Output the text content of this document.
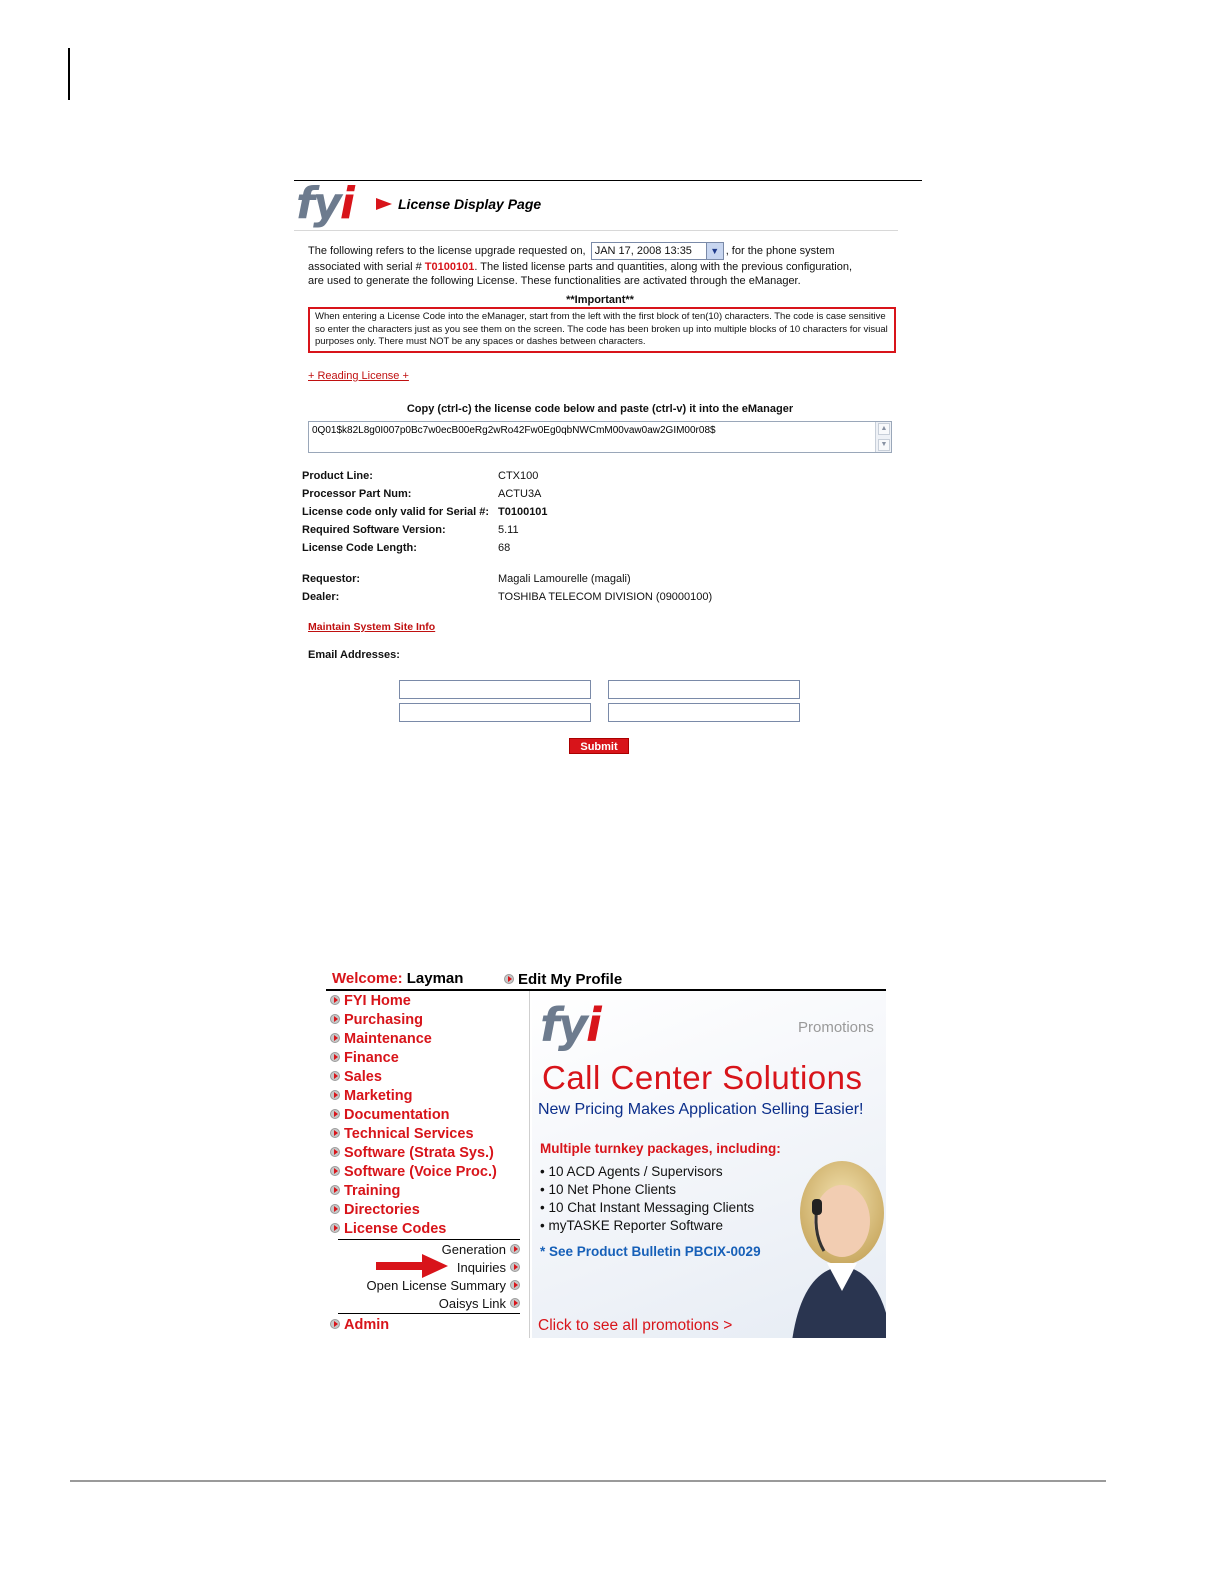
fyi	License Display Page
The following refers to the license upgrade requested on, JAN 17, 2008 13:35	▼ , for the phone system
associated with serial # T0100101. The listed license parts and quantities, along with the previous configuration,
are used to generate the following License. These functionalities are activated through the eManager.
**Important**
When entering a License Code into the eManager, start from the left with the first block of ten(10) characters. The code is case sensitive so enter the characters just as you see them on the screen. The code has been broken up into multiple blocks of 10 characters for visual purposes only. There must NOT be any spaces or dashes between characters.
+ Reading License +
Copy (ctrl-c) the license code below and paste (ctrl-v) it into the eManager
0Q01$k82L8g0I007p0Bc7w0ecB00eRg2wRo42Fw0Eg0qbNWCmM00vaw0aw2GIM00r08$	▲
▼
Product Line:	CTX100
Processor Part Num:	ACTU3A
License code only valid for Serial #: T0100101
Required Software Version:	5.11
License Code Length:	68
Requestor:	Magali Lamourelle (magali)
Dealer:	TOSHIBA TELECOM DIVISION (09000100)
Maintain System Site Info
Email Addresses:
Submit
Welcome: Layman	Edit My Profile
FYI Home
Purchasing
Maintenance
Finance
Sales
Marketing
Documentation
Technical Services
Software (Strata Sys.)
Software (Voice Proc.)
Training
Directories
License Codes
Generation
Inquiries
Open License Summary
Oaisys Link
Admin
fyi	Promotions
Call Center Solutions
New Pricing Makes Application Selling Easier!
Multiple turnkey packages, including:
• 10 ACD Agents / Supervisors
• 10 Net Phone Clients
• 10 Chat Instant Messaging Clients
• myTASKE Reporter Software
* See Product Bulletin PBCIX-0029
Click to see all promotions >
